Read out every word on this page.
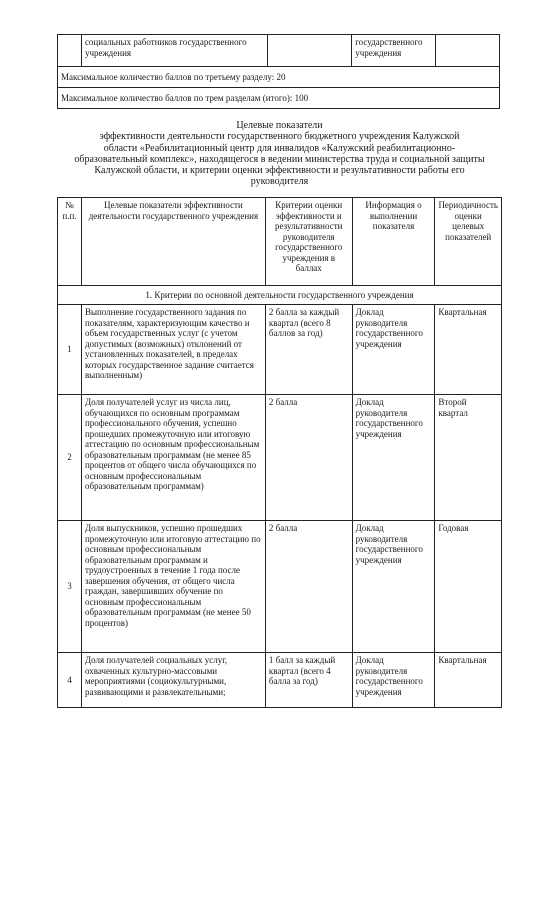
	социальных работников государственного учреждения		государственного учреждения	
Максимальное количество баллов по третьему разделу: 20
Максимальное количество баллов по трем разделам (итого): 100
Целевые показатели
эффективности деятельности государственного бюджетного учреждения Калужской
области «Реабилитационный центр для инвалидов «Калужский реабилитационно-
образовательный комплекс», находящегося в ведении министерства труда и социальной защиты
Калужской области, и критерии оценки эффективности и результативности работы его
руководителя
№ п.п.	Целевые показатели эффективности деятельности государственного учреждения	Критерии оценки эффективности и результативности руководителя государственного учреждения в баллах	Информация о выполнении показателя	Периодичность оценки целевых показателей
1. Критерии по основной деятельности государственного учреждения				
1	Выполнение государственного задания по показателям, характеризующим качество и объем государственных услуг (с учетом допустимых (возможных) отклонений от установленных показателей, в пределах которых государственное задание считается выполненным)	2 балла за каждый квартал (всего 8 баллов за год)	Доклад руководителя государственного учреждения	Квартальная
2	Доля получателей услуг из числа лиц, обучающихся по основным программам профессионального обучения, успешно прошедших промежуточную или итоговую аттестацию по основным профессиональным образовательным программам (не менее 85 процентов от общего числа обучающихся по основным профессиональным образовательным программам)	2 балла	Доклад руководителя государственного учреждения	Второй квартал
3	Доля выпускников, успешно прошедших промежуточную или итоговую аттестацию по основным профессиональным образовательным программам и трудоустроенных в течение 1 года после завершения обучения, от общего числа граждан, завершивших обучение по основным профессиональным образовательным программам (не менее 50 процентов)	2 балла	Доклад руководителя государственного учреждения	Годовая
4	Доля получателей социальных услуг, охваченных культурно-массовыми мероприятиями (социокультурными, развивающими и развлекательными;	1 балл за каждый квартал (всего 4 балла за год)	Доклад руководителя государственного учреждения	Квартальная
